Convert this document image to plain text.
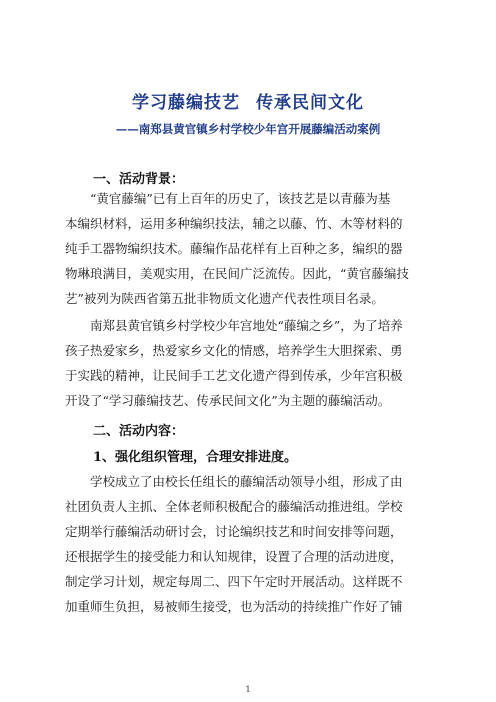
学习藤编技艺 传承民间文化
——南郑县黄官镇乡村学校少年宫开展藤编活动案例
一、活动背景：
“黄官藤编”已有上百年的历史了，该技艺是以青藤为基
本编织材料，运用多种编织技法，辅之以藤、竹、木等材料的
纯手工器物编织技术。藤编作品花样有上百种之多，编织的器
物琳琅满目，美观实用，在民间广泛流传。因此，“黄官藤编技
艺”被列为陕西省第五批非物质文化遗产代表性项目名录。
南郑县黄官镇乡村学校少年宫地处“藤编之乡”，为了培养
孩子热爱家乡，热爱家乡文化的情感，培养学生大胆探索、勇
于实践的精神，让民间手工艺文化遗产得到传承，少年宫积极
开设了“学习藤编技艺、传承民间文化”为主题的藤编活动。
二、活动内容：
1、强化组织管理，合理安排进度。
学校成立了由校长任组长的藤编活动领导小组，形成了由
社团负责人主抓、全体老师积极配合的藤编活动推进组。学校
定期举行藤编活动研讨会，讨论编织技艺和时间安排等问题，
还根据学生的接受能力和认知规律，设置了合理的活动进度，
制定学习计划，规定每周二、四下午定时开展活动。这样既不
加重师生负担，易被师生接受，也为活动的持续推广作好了铺
1
